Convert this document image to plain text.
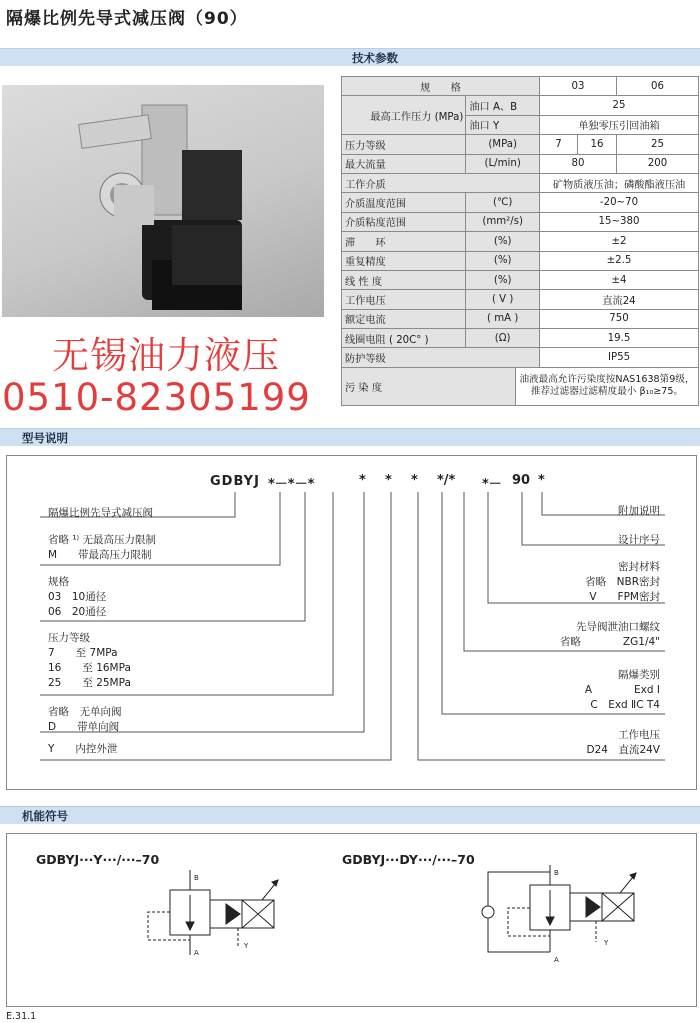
隔爆比例先导式减压阀（90）
技术参数
无锡油力液压
0510-82305199
规　　格			03		06
最高工作压力 (MPa)	油口 A、B		25		
	油口 Y		单独零压引回油箱		
压力等级	(MPa)		7	16	25
最大流量	(L/min)		80		200
工作介质			矿物质液压油；磷酸酯液压油		
介质温度范围	(℃)		-20~70		
介质粘度范围	(mm²/s)		15~380		
滞　　环	(%)		±2		
重复精度	(%)		±2.5		
线 性 度	(%)		±4		
工作电压	( V )		直流24		
额定电流	( mA )		750		
线圈电阻 ( 20C° )	(Ω)		19.5		
防护等级			IP55		
污 染 度		油液最高允许污染度按NAS1638第9级，
推荐过滤器过滤精度最小 β₁₀≥75。			
型号说明
GDBYJ *－*－*	* * * */* *－ 90 *
隔爆比例先导式减压阀
省略 ¹⁾ 无最高压力限制
M　　带最高压力限制
规格
03　10通径
06　20通径
压力等级
7　　至 7MPa
16　　至 16MPa
25　　至 25MPa
省略　无单向阀
D　　带单向阀
Y　　内控外泄
附加说明
设计序号
密封材料
省略　NBR密封
V　　FPM密封
先导阀泄油口螺纹
省略　　　　ZG1/4"
隔爆类别
A　　　　Exd Ⅰ
C　Exd ⅡC T4
工作电压
D24　直流24V
机能符号
GDBYJ···Y···/···–70	GDBYJ···DY···/···–70
B
A
Y
B
A
Y
E.31.1
